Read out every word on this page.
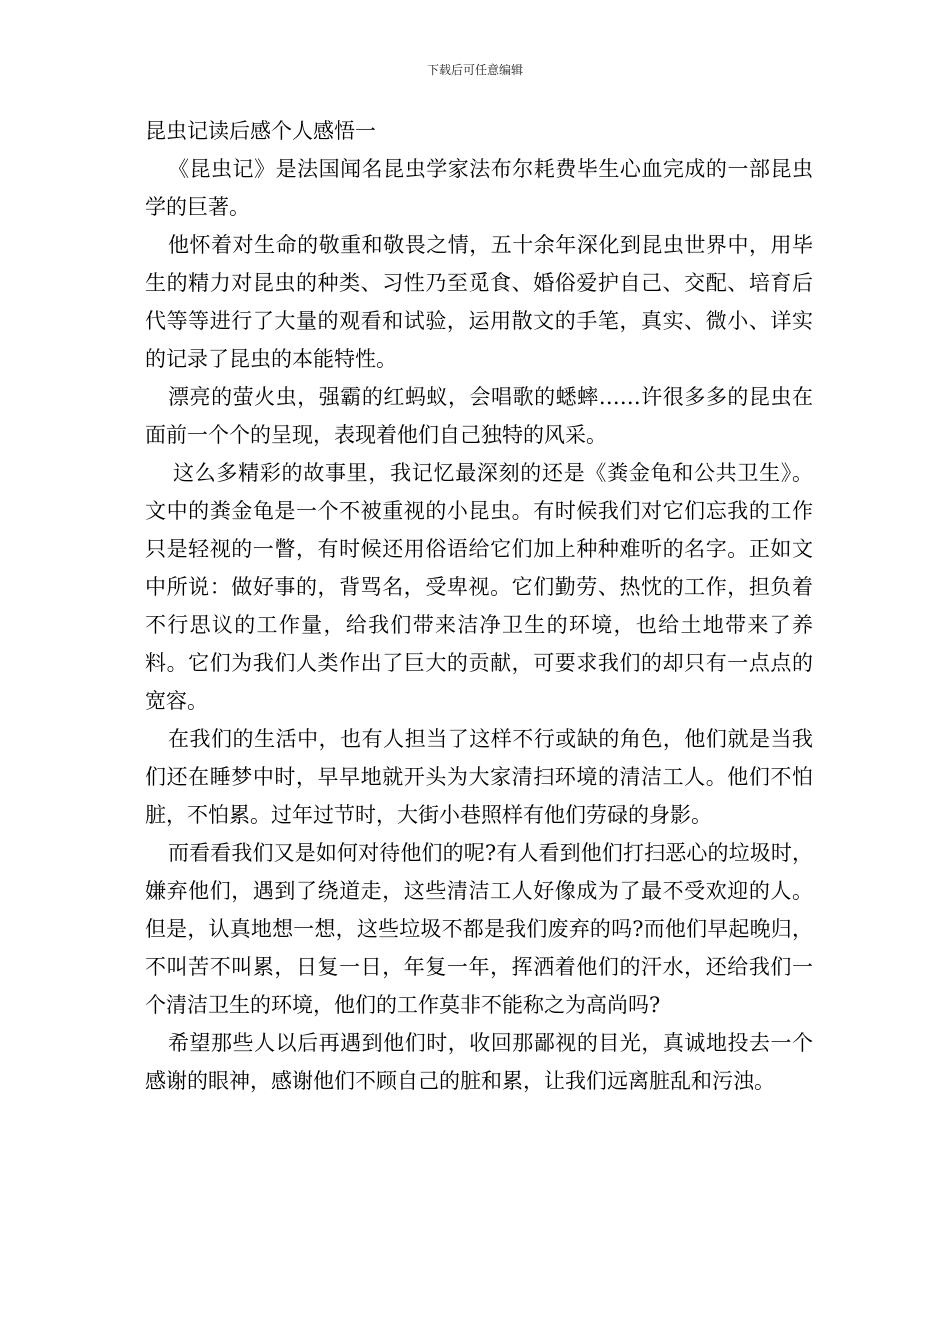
下载后可任意编辑
昆虫记读后感个人感悟一

《昆虫记》是法国闻名昆虫学家法布尔耗费毕生心血完成的一部昆虫学的巨著。

他怀着对生命的敬重和敬畏之情，五十余年深化到昆虫世界中，用毕生的精力对昆虫的种类、习性乃至觅食、婚俗爱护自己、交配、培育后代等等进行了大量的观看和试验，运用散文的手笔，真实、微小、详实的记录了昆虫的本能特性。

漂亮的萤火虫，强霸的红蚂蚁，会唱歌的蟋蟀……许很多多的昆虫在面前一个个的呈现，表现着他们自己独特的风采。

这么多精彩的故事里，我记忆最深刻的还是《粪金龟和公共卫生》。文中的粪金龟是一个不被重视的小昆虫。有时候我们对它们忘我的工作只是轻视的一瞥，有时候还用俗语给它们加上种种难听的名字。正如文中所说：做好事的，背骂名，受卑视。它们勤劳、热忱的工作，担负着不行思议的工作量，给我们带来洁净卫生的环境，也给土地带来了养料。它们为我们人类作出了巨大的贡献，可要求我们的却只有一点点的宽容。

在我们的生活中，也有人担当了这样不行或缺的角色，他们就是当我们还在睡梦中时，早早地就开头为大家清扫环境的清洁工人。他们不怕脏，不怕累。过年过节时，大街小巷照样有他们劳碌的身影。

而看看我们又是如何对待他们的呢?有人看到他们打扫恶心的垃圾时，嫌弃他们，遇到了绕道走，这些清洁工人好像成为了最不受欢迎的人。但是，认真地想一想，这些垃圾不都是我们废弃的吗?而他们早起晚归，不叫苦不叫累，日复一日，年复一年，挥洒着他们的汗水，还给我们一个清洁卫生的环境，他们的工作莫非不能称之为高尚吗?

希望那些人以后再遇到他们时，收回那鄙视的目光，真诚地投去一个感谢的眼神，感谢他们不顾自己的脏和累，让我们远离脏乱和污浊。
